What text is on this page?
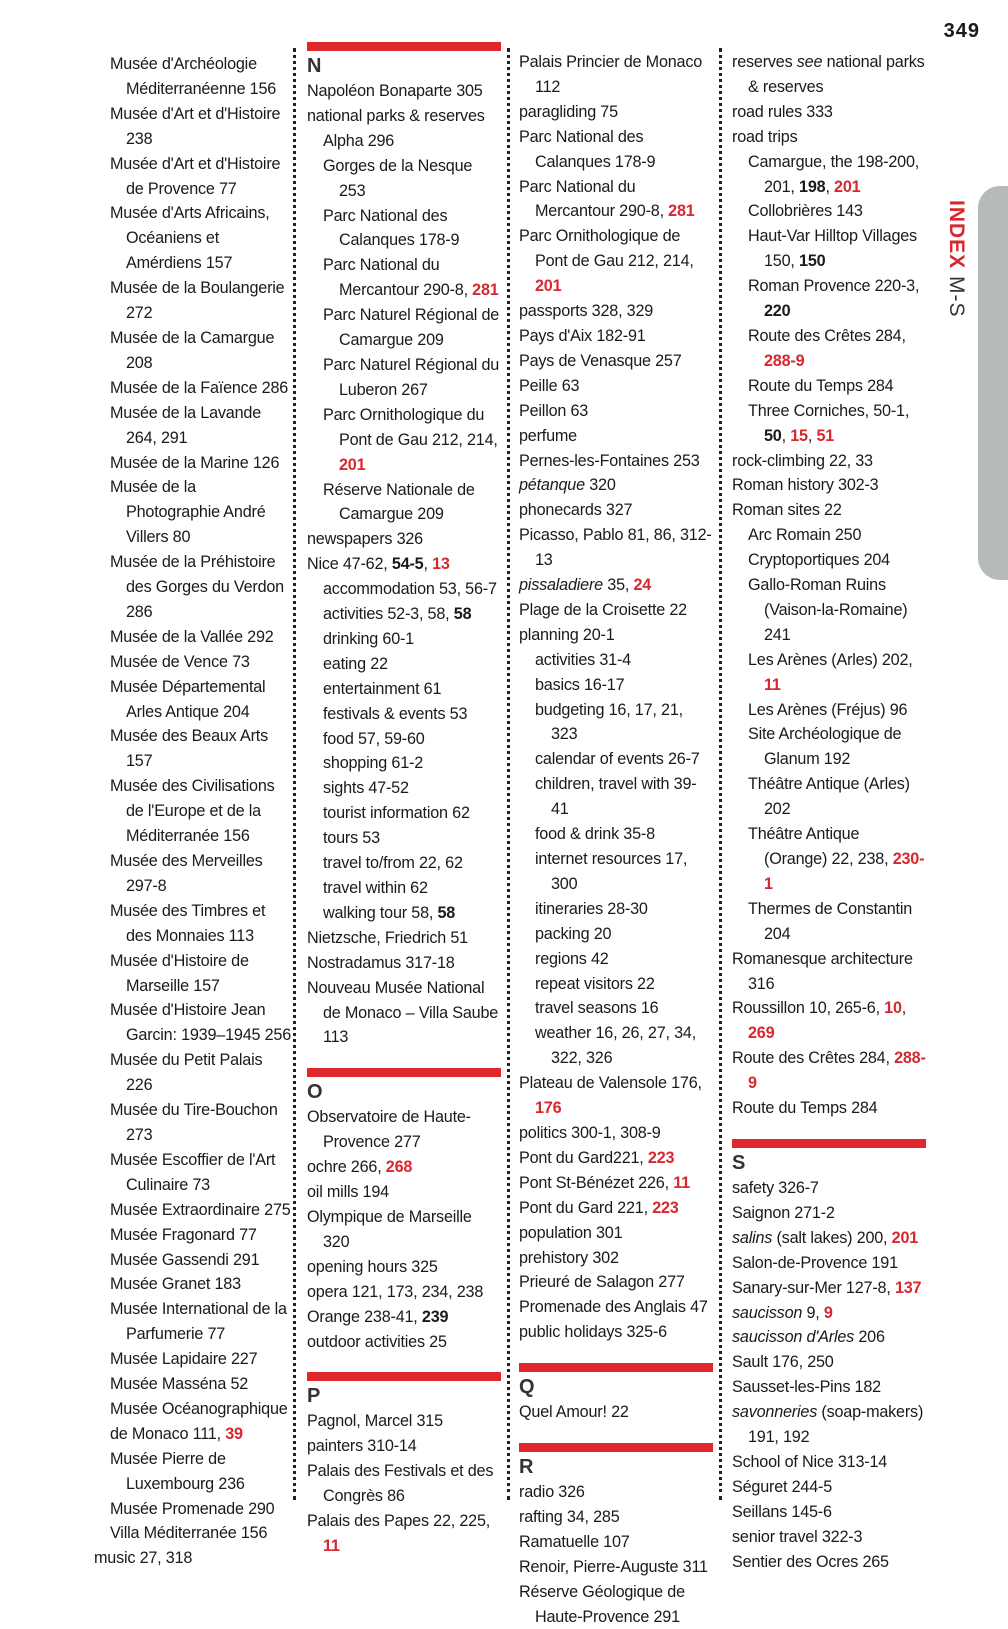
349
INDEX M-S
Musée d'Archéologie Méditerranéenne 156
Musée d'Art et d'Histoire 238
Musée d'Art et d'Histoire de Provence 77
Musée d'Arts Africains, Océaniens et Amérdiens 157
Musée de la Boulangerie 272
Musée de la Camargue 208
Musée de la Faïence 286
Musée de la Lavande 264, 291
Musée de la Marine 126
Musée de la Photographie André Villers 80
Musée de la Préhistoire des Gorges du Verdon 286
Musée de la Vallée 292
Musée de Vence 73
Musée Départemental Arles Antique 204
Musée des Beaux Arts 157
Musée des Civilisations de l'Europe et de la Méditerranée 156
Musée des Merveilles 297-8
Musée des Timbres et des Monnaies 113
Musée d'Histoire de Marseille 157
Musée d'Histoire Jean Garcin: 1939–1945 256
Musée du Petit Palais 226
Musée du Tire-Bouchon 273
Musée Escoffier de l'Art Culinaire 73
Musée Extraordinaire 275
Musée Fragonard 77
Musée Gassendi 291
Musée Granet 183
Musée International de la Parfumerie 77
Musée Lapidaire 227
Musée Masséna 52
Musée Océanographique
de Monaco 111, 39
Musée Pierre de Luxembourg 236
Musée Promenade 290
Villa Méditerranée 156
music 27, 318
N
Napoléon Bonaparte 305
national parks & reserves
Alpha 296
Gorges de la Nesque 253
Parc National des Calanques 178-9
Parc National du Mercantour 290-8, 281
Parc Naturel Régional de Camargue 209
Parc Naturel Régional du Luberon 267
Parc Ornithologique du Pont de Gau 212, 214, 201
Réserve Nationale de Camargue 209
newspapers 326
Nice 47-62, 54-5, 13
accommodation 53, 56-7
activities 52-3, 58, 58
drinking 60-1
eating 22
entertainment 61
festivals & events 53
food 57, 59-60
shopping 61-2
sights 47-52
tourist information 62
tours 53
travel to/from 22, 62
travel within 62
walking tour 58, 58
Nietzsche, Friedrich 51
Nostradamus 317-18
Nouveau Musée National de Monaco – Villa Saube 113
O
Observatoire de Haute-Provence 277
ochre 266, 268
oil mills 194
Olympique de Marseille 320
opening hours 325
opera 121, 173, 234, 238
Orange 238-41, 239
outdoor activities 25
P
Pagnol, Marcel 315
painters 310-14
Palais des Festivals et des Congrès 86
Palais des Papes 22, 225, 11
Palais Princier de Monaco 112
paragliding 75
Parc National des Calanques 178-9
Parc National du Mercantour 290-8, 281
Parc Ornithologique de Pont de Gau 212, 214, 201
passports 328, 329
Pays d'Aix 182-91
Pays de Venasque 257
Peille 63
Peillon 63
perfume
Pernes-les-Fontaines 253
pétanque 320
phonecards 327
Picasso, Pablo 81, 86, 312-13
pissaladiere 35, 24
Plage de la Croisette 22
planning 20-1
activities 31-4
basics 16-17
budgeting 16, 17, 21, 323
calendar of events 26-7
children, travel with 39-41
food & drink 35-8
internet resources 17, 300
itineraries 28-30
packing 20
regions 42
repeat visitors 22
travel seasons 16
weather 16, 26, 27, 34, 322, 326
Plateau de Valensole 176, 176
politics 300-1, 308-9
Pont du Gard221, 223
Pont St-Bénézet 226, 11
Pont du Gard 221, 223
population 301
prehistory 302
Prieuré de Salagon 277
Promenade des Anglais 47
public holidays 325-6
Q
Quel Amour! 22
R
radio 326
rafting 34, 285
Ramatuelle 107
Renoir, Pierre-Auguste 311
Réserve Géologique de Haute-Provence 291
reserves see national parks & reserves
road rules 333
road trips
Camargue, the 198-200, 201, 198, 201
Collobrières 143
Haut-Var Hilltop Villages 150, 150
Roman Provence 220-3, 220
Route des Crêtes 284, 288-9
Route du Temps 284
Three Corniches, 50-1, 50, 15, 51
rock-climbing 22, 33
Roman history 302-3
Roman sites 22
Arc Romain 250
Cryptoportiques 204
Gallo-Roman Ruins (Vaison-la-Romaine) 241
Les Arènes (Arles) 202, 11
Les Arènes (Fréjus) 96
Site Archéologique de Glanum 192
Théâtre Antique (Arles) 202
Théâtre Antique (Orange) 22, 238, 230-1
Thermes de Constantin 204
Romanesque architecture 316
Roussillon 10, 265-6, 10, 269
Route des Crêtes 284, 288-9
Route du Temps 284
S
safety 326-7
Saignon 271-2
salins (salt lakes) 200, 201
Salon-de-Provence 191
Sanary-sur-Mer 127-8, 137
saucisson 9, 9
saucisson d'Arles 206
Sault 176, 250
Sausset-les-Pins 182
savonneries (soap-makers) 191, 192
School of Nice 313-14
Séguret 244-5
Seillans 145-6
senior travel 322-3
Sentier des Ocres 265
